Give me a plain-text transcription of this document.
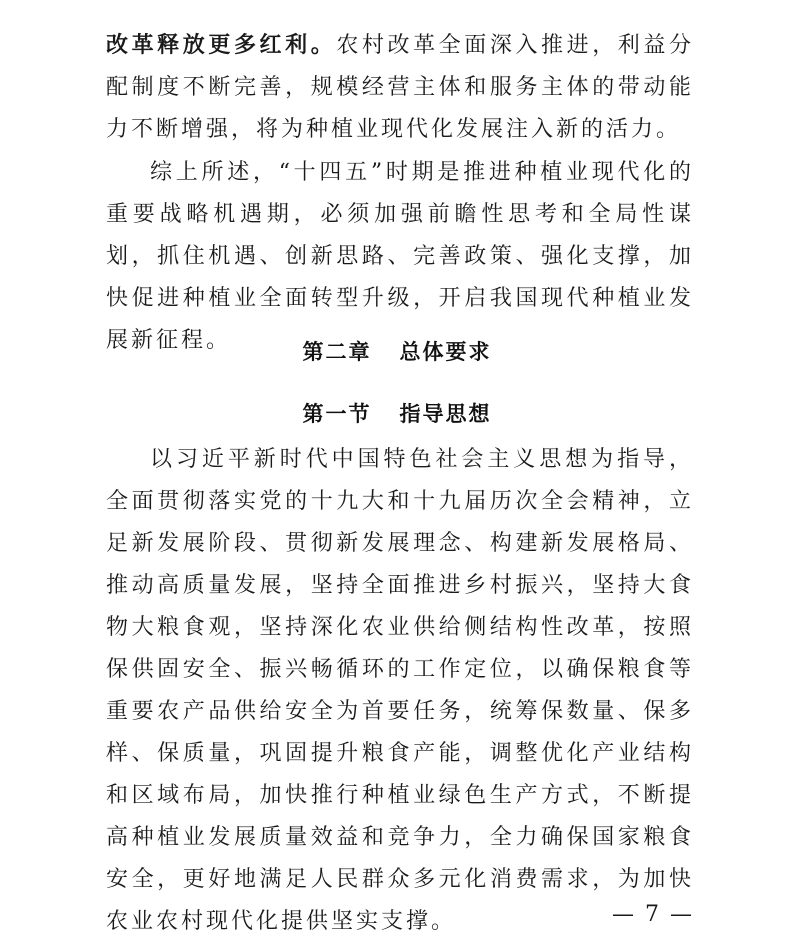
改革释放更多红利。农村改革全面深入推进，利益分配制度不断完善，规模经营主体和服务主体的带动能力不断增强，将为种植业现代化发展注入新的活力。
综上所述，“十四五”时期是推进种植业现代化的重要战略机遇期，必须加强前瞻性思考和全局性谋划，抓住机遇、创新思路、完善政策、强化支撑，加快促进种植业全面转型升级，开启我国现代种植业发展新征程。	第二章 总体要求
第一节 指导思想
以习近平新时代中国特色社会主义思想为指导，全面贯彻落实党的十九大和十九届历次全会精神，立足新发展阶段、贯彻新发展理念、构建新发展格局、推动高质量发展，坚持全面推进乡村振兴，坚持大食物大粮食观，坚持深化农业供给侧结构性改革，按照保供固安全、振兴畅循环的工作定位，以确保粮食等重要农产品供给安全为首要任务，统筹保数量、保多样、保质量，巩固提升粮食产能，调整优化产业结构和区域布局，加快推行种植业绿色生产方式，不断提高种植业发展质量效益和竞争力，全力确保国家粮食安全，更好地满足人民群众多元化消费需求，为加快农业农村现代化提供坚实支撑。	— 7 —
